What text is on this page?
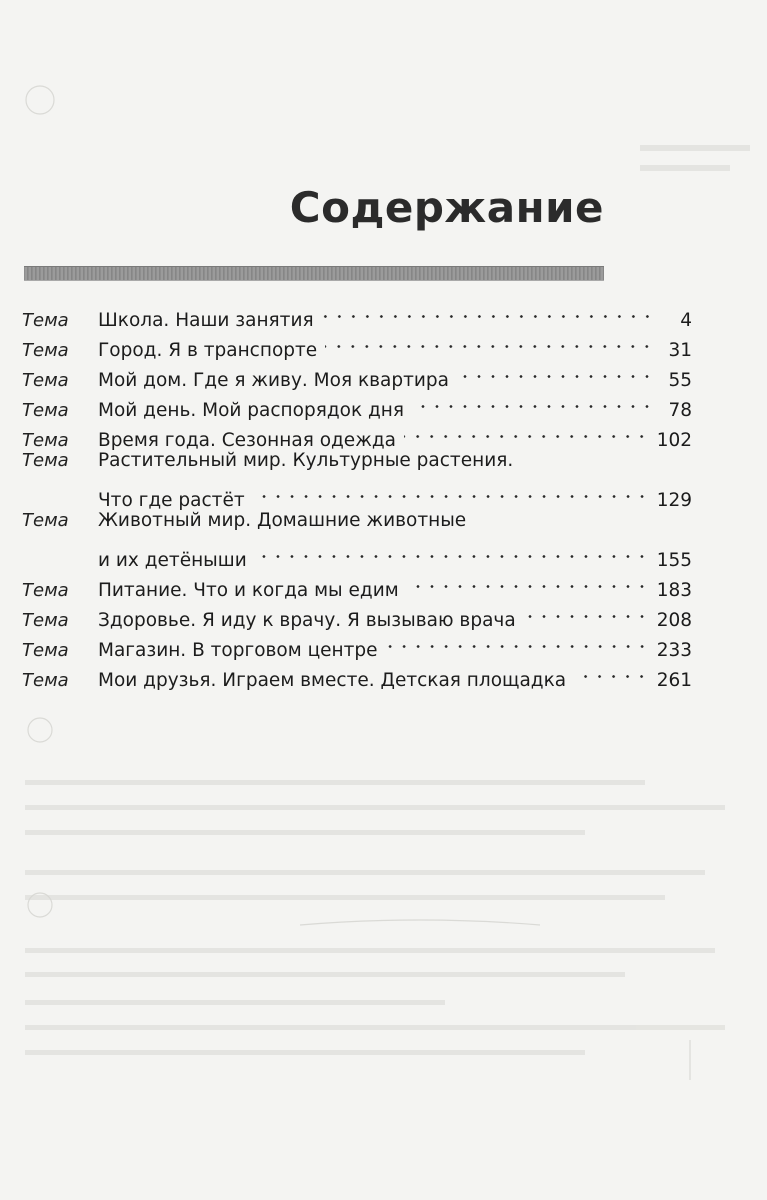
Содержание
Тема	Школа. Наши занятия	4
Тема	Город. Я в транспорте	31
Тема	Мой дом. Где я живу. Моя квартира	55
Тема	Мой день. Мой распорядок дня	78
Тема	Время года. Сезонная одежда	102
Тема	Растительный мир. Культурные растения.
Что где растёт	129
Тема	Животный мир. Домашние животные
и их детёныши	155
Тема	Питание. Что и когда мы едим	183
Тема	Здоровье. Я иду к врачу. Я вызываю врача	208
Тема	Магазин. В торговом центре	233
Тема	Мои друзья. Играем вместе. Детская площадка	261
